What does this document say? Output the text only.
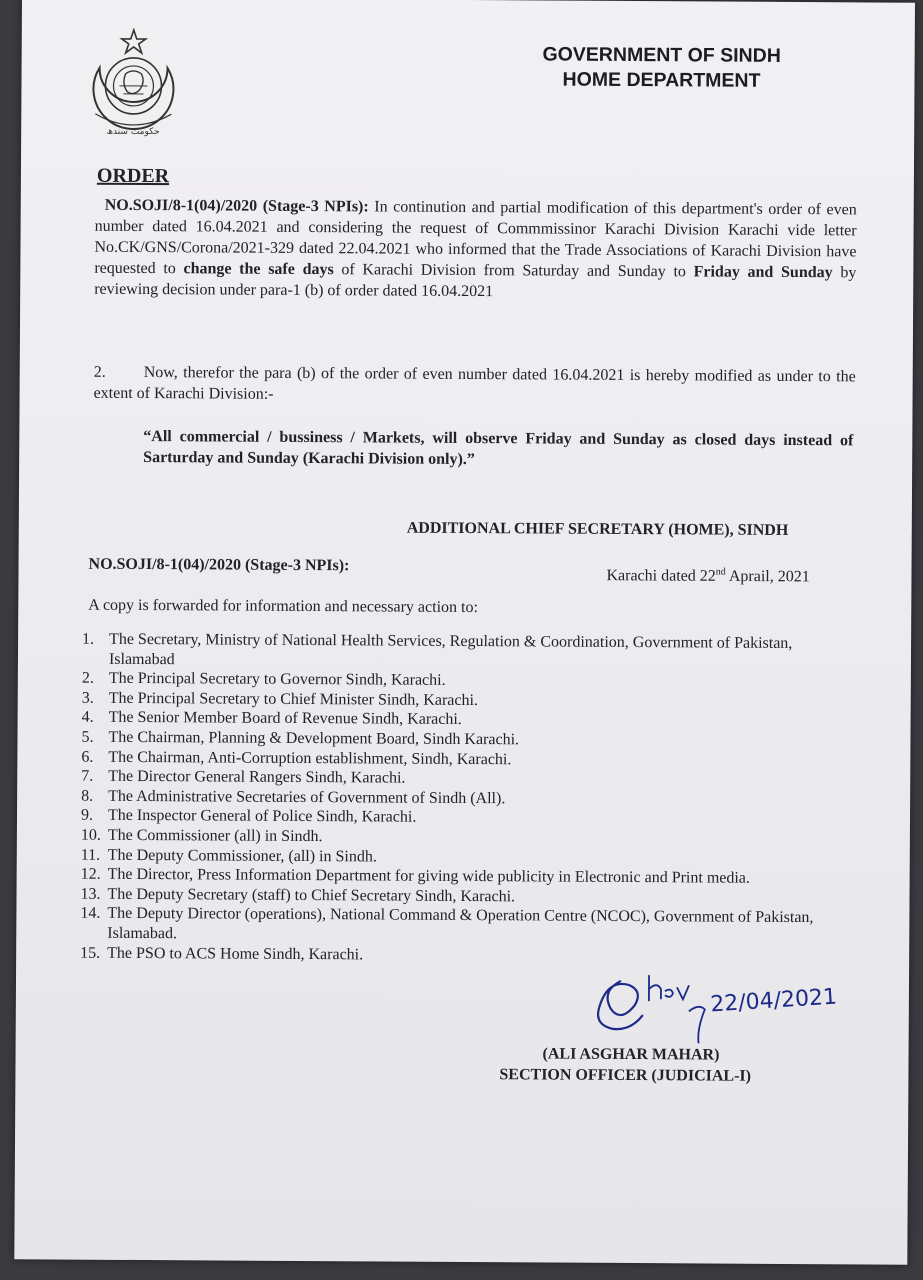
حکومت سندھ
GOVERNMENT OF SINDH
HOME DEPARTMENT
ORDER
NO.SOJI/8-1(04)/2020 (Stage-3 NPIs): In continution and partial modification of this department's order of even number dated 16.04.2021 and considering the request of Commmissinor Karachi Division Karachi vide letter No.CK/GNS/Corona/2021-329 dated 22.04.2021 who informed that the Trade Associations of Karachi Division have requested to change the safe days of Karachi Division from Saturday and Sunday to Friday and Sunday by reviewing decision under para-1 (b) of order dated 16.04.2021
2. Now, therefor the para (b) of the order of even number dated 16.04.2021 is hereby modified as under to the extent of Karachi Division:-
“All commercial / bussiness / Markets, will observe Friday and Sunday as closed days instead of Sarturday and Sunday (Karachi Division only).”
ADDITIONAL CHIEF SECRETARY (HOME), SINDH
NO.SOJI/8-1(04)/2020 (Stage-3 NPIs):
Karachi dated 22nd Aprail, 2021
A copy is forwarded for information and necessary action to:
1. The Secretary, Ministry of National Health Services, Regulation & Coordination, Government of Pakistan, Islamabad
2. The Principal Secretary to Governor Sindh, Karachi.
3. The Principal Secretary to Chief Minister Sindh, Karachi.
4. The Senior Member Board of Revenue Sindh, Karachi.
5. The Chairman, Planning & Development Board, Sindh Karachi.
6. The Chairman, Anti-Corruption establishment, Sindh, Karachi.
7. The Director General Rangers Sindh, Karachi.
8. The Administrative Secretaries of Government of Sindh (All).
9. The Inspector General of Police Sindh, Karachi.
10. The Commissioner (all) in Sindh.
11. The Deputy Commissioner, (all) in Sindh.
12. The Director, Press Information Department for giving wide publicity in Electronic and Print media.
13. The Deputy Secretary (staff) to Chief Secretary Sindh, Karachi.
14. The Deputy Director (operations), National Command & Operation Centre (NCOC), Government of Pakistan, Islamabad.
15. The PSO to ACS Home Sindh, Karachi.
22/04/2021
(ALI ASGHAR MAHAR)
SECTION OFFICER (JUDICIAL-I)
